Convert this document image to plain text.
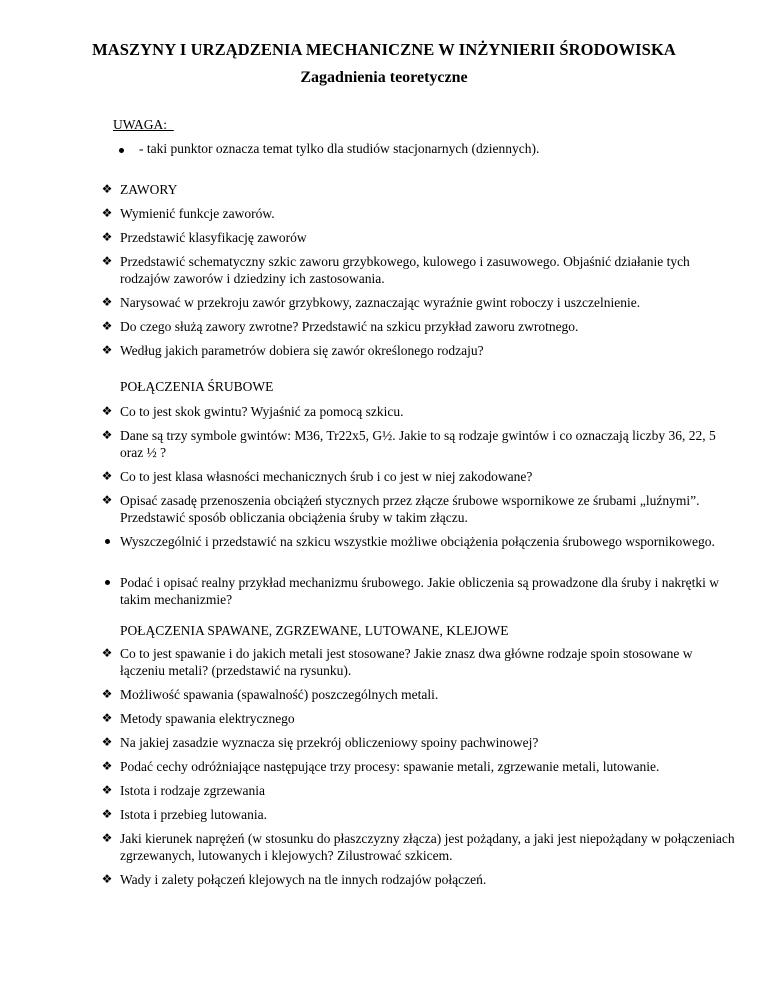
MASZYNY I URZĄDZENIA MECHANICZNE W INŻYNIERII ŚRODOWISKA
Zagadnienia teoretyczne
UWAGA:
- taki punktor oznacza temat tylko dla studiów stacjonarnych (dziennych).
❖ ZAWORY
❖ Wymienić funkcje zaworów.
❖ Przedstawić klasyfikację zaworów
❖ Przedstawić schematyczny szkic zaworu grzybkowego, kulowego i zasuwowego. Objaśnić działanie tych rodzajów zaworów i dziedziny ich zastosowania.
❖ Narysować w przekroju zawór grzybkowy, zaznaczając wyraźnie gwint roboczy i uszczelnienie.
❖ Do czego służą zawory zwrotne? Przedstawić na szkicu przykład zaworu zwrotnego.
❖ Według jakich parametrów dobiera się zawór określonego rodzaju?
POŁĄCZENIA ŚRUBOWE
❖ Co to jest skok gwintu? Wyjaśnić za pomocą szkicu.
❖ Dane są trzy symbole gwintów: M36, Tr22x5, G½. Jakie to są rodzaje gwintów i co oznaczają liczby 36, 22, 5 oraz ½ ?
❖ Co to jest klasa własności mechanicznych śrub i co jest w niej zakodowane?
❖ Opisać zasadę przenoszenia obciążeń stycznych przez złącze śrubowe wspornikowe ze śrubami „luźnymi”. Przedstawić sposób obliczania obciążenia śruby w takim złączu.
Wyszczególnić i przedstawić na szkicu wszystkie możliwe obciążenia połączenia śrubowego wspornikowego.
Podać i opisać realny przykład mechanizmu śrubowego. Jakie obliczenia są prowadzone dla śruby i nakrętki w takim mechanizmie?
POŁĄCZENIA SPAWANE, ZGRZEWANE, LUTOWANE, KLEJOWE
❖ Co to jest spawanie i do jakich metali jest stosowane? Jakie znasz dwa główne rodzaje spoin stosowane w łączeniu metali? (przedstawić na rysunku).
❖ Możliwość spawania (spawalność) poszczególnych metali.
❖ Metody spawania elektrycznego
❖ Na jakiej zasadzie wyznacza się przekrój obliczeniowy spoiny pachwinowej?
❖ Podać cechy odróżniające następujące trzy procesy: spawanie metali, zgrzewanie metali, lutowanie.
❖ Istota i rodzaje zgrzewania
❖ Istota i przebieg lutowania.
❖ Jaki kierunek naprężeń (w stosunku do płaszczyzny złącza) jest pożądany, a jaki jest niepożądany w połączeniach zgrzewanych, lutowanych i klejowych? Zilustrować szkicem.
❖ Wady i zalety połączeń klejowych na tle innych rodzajów połączeń.
